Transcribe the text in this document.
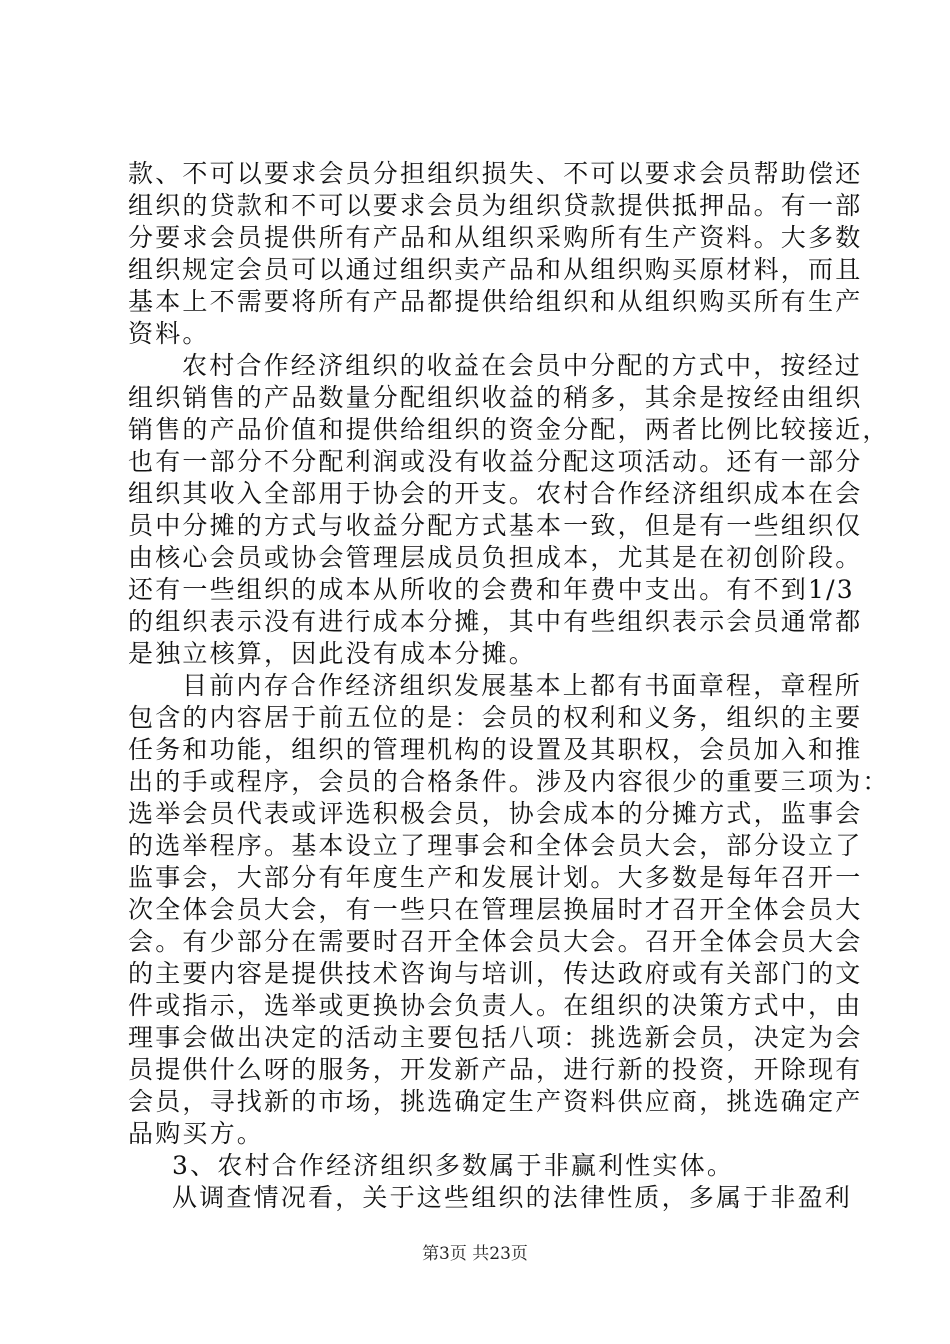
款、不可以要求会员分担组织损失、不可以要求会员帮助偿还
组织的贷款和不可以要求会员为组织贷款提供抵押品。有一部
分要求会员提供所有产品和从组织采购所有生产资料。大多数
组织规定会员可以通过组织卖产品和从组织购买原材料，而且
基本上不需要将所有产品都提供给组织和从组织购买所有生产
资料。
农村合作经济组织的收益在会员中分配的方式中，按经过
组织销售的产品数量分配组织收益的稍多，其余是按经由组织
销售的产品价值和提供给组织的资金分配，两者比例比较接近，
也有一部分不分配利润或没有收益分配这项活动。还有一部分
组织其收入全部用于协会的开支。农村合作经济组织成本在会
员中分摊的方式与收益分配方式基本一致，但是有一些组织仅
由核心会员或协会管理层成员负担成本，尤其是在初创阶段。
还有一些组织的成本从所收的会费和年费中支出。有不到1/3
的组织表示没有进行成本分摊，其中有些组织表示会员通常都
是独立核算，因此没有成本分摊。
目前内存合作经济组织发展基本上都有书面章程，章程所
包含的内容居于前五位的是：会员的权利和义务，组织的主要
任务和功能，组织的管理机构的设置及其职权，会员加入和推
出的手或程序，会员的合格条件。涉及内容很少的重要三项为：
选举会员代表或评选积极会员，协会成本的分摊方式，监事会
的选举程序。基本设立了理事会和全体会员大会，部分设立了
监事会，大部分有年度生产和发展计划。大多数是每年召开一
次全体会员大会，有一些只在管理层换届时才召开全体会员大
会。有少部分在需要时召开全体会员大会。召开全体会员大会
的主要内容是提供技术咨询与培训，传达政府或有关部门的文
件或指示，选举或更换协会负责人。在组织的决策方式中，由
理事会做出决定的活动主要包括八项：挑选新会员，决定为会
员提供什么呀的服务，开发新产品，进行新的投资，开除现有
会员，寻找新的市场，挑选确定生产资料供应商，挑选确定产
品购买方。
3、农村合作经济组织多数属于非赢利性实体。
从调查情况看，关于这些组织的法律性质，多属于非盈利
第3页 共23页
